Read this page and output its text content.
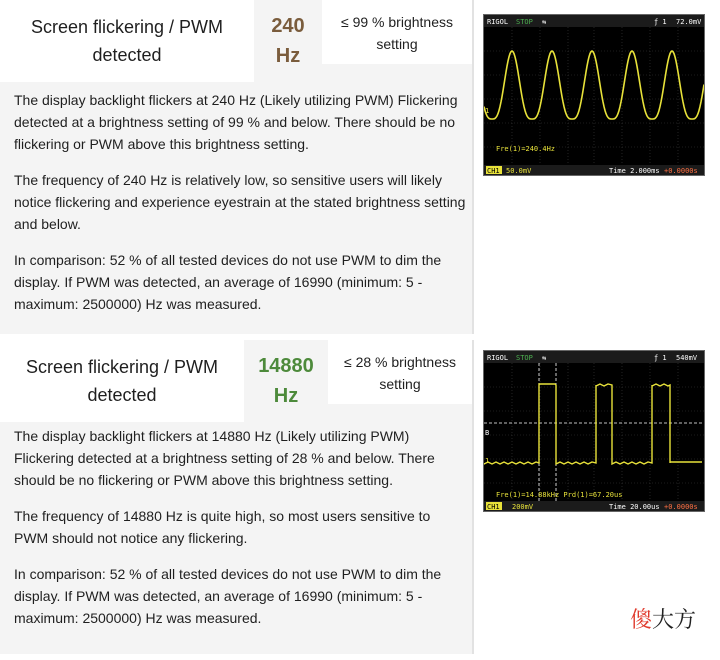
Screen flickering / PWM
detected
240
Hz
≤ 99 % brightness
setting

The display backlight flickers at 240 Hz (Likely utilizing PWM) Flickering detected at a brightness setting of 99 % and below. There should be no flickering or PWM above this brightness setting.

The frequency of 240 Hz is relatively low, so sensitive users will likely notice flickering and experience eyestrain at the stated brightness setting and below.

In comparison: 52 % of all tested devices do not use PWM to dim the display. If PWM was detected, an average of 16990 (minimum: 5 - maximum: 2500000) Hz was measured.

RIGOL STOP ⇆	ƒ 1 72.0mV
1
Fre(1)=240.4Hz
CH1 50.0mV	Time 2.000ms +0.0000s
Screen flickering / PWM
detected
14880
Hz
≤ 28 % brightness
setting

The display backlight flickers at 14880 Hz (Likely utilizing PWM) Flickering detected at a brightness setting of 28 % and below. There should be no flickering or PWM above this brightness setting.

The frequency of 14880 Hz is quite high, so most users sensitive to PWM should not notice any flickering.

In comparison: 52 % of all tested devices do not use PWM to dim the display. If PWM was detected, an average of 16990 (minimum: 5 - maximum: 2500000) Hz was measured.

RIGOL STOP ⇆	ƒ 1 540mV
B
1
Fre(1)=14.88kHz Prd(1)=67.20us
CH1 200mV	Time 20.00us +0.0000s
傻大方
